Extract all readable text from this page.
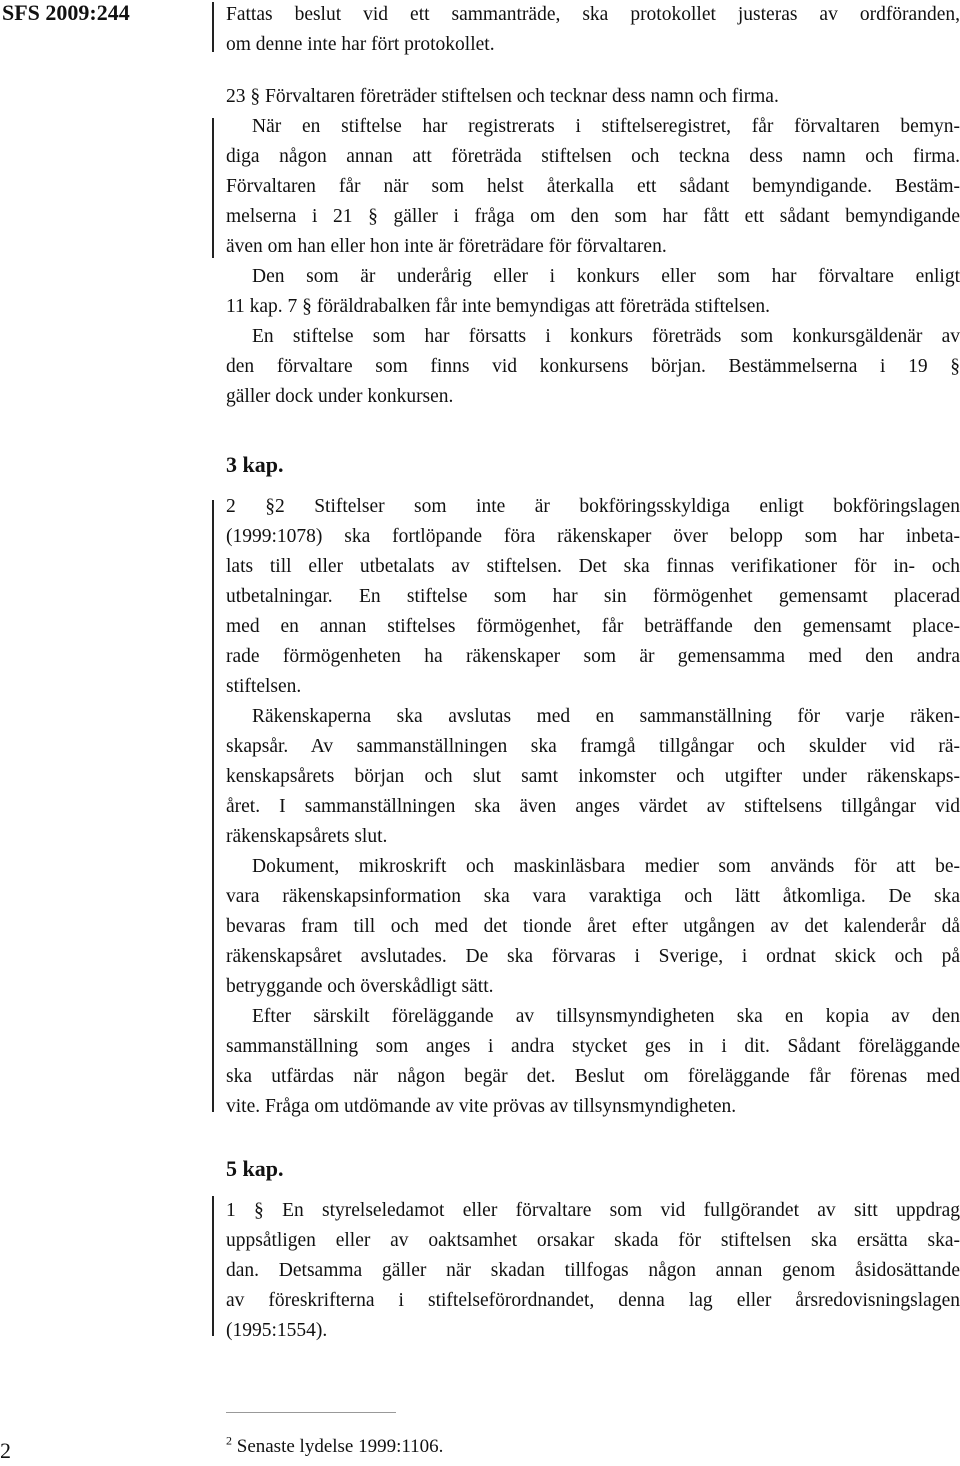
SFS 2009:244	Fattas beslut vid ett sammanträde, ska protokollet justeras av ordföranden,
om denne inte har fört protokollet.
23 § Förvaltaren företräder stiftelsen och tecknar dess namn och firma.
När en stiftelse har registrerats i stiftelseregistret, får förvaltaren bemyn-
diga någon annan att företräda stiftelsen och teckna dess namn och firma.
Förvaltaren får när som helst återkalla ett sådant bemyndigande. Bestäm-
melserna i 21 § gäller i fråga om den som har fått ett sådant bemyndigande
även om han eller hon inte är företrädare för förvaltaren.
Den som är underårig eller i konkurs eller som har förvaltare enligt
11 kap. 7 § föräldrabalken får inte bemyndigas att företräda stiftelsen.
En stiftelse som har försatts i konkurs företräds som konkursgäldenär av
den förvaltare som finns vid konkursens början. Bestämmelserna i 19 §
gäller dock under konkursen.
3 kap.
2 §2 Stiftelser som inte är bokföringsskyldiga enligt bokföringslagen
(1999:1078) ska fortlöpande föra räkenskaper över belopp som har inbeta-
lats till eller utbetalats av stiftelsen. Det ska finnas verifikationer för in- och
utbetalningar. En stiftelse som har sin förmögenhet gemensamt placerad
med en annan stiftelses förmögenhet, får beträffande den gemensamt place-
rade förmögenheten ha räkenskaper som är gemensamma med den andra
stiftelsen.
Räkenskaperna ska avslutas med en sammanställning för varje räken-
skapsår. Av sammanställningen ska framgå tillgångar och skulder vid rä-
kenskapsårets början och slut samt inkomster och utgifter under räkenskaps-
året. I sammanställningen ska även anges värdet av stiftelsens tillgångar vid
räkenskapsårets slut.
Dokument, mikroskrift och maskinläsbara medier som används för att be-
vara räkenskapsinformation ska vara varaktiga och lätt åtkomliga. De ska
bevaras fram till och med det tionde året efter utgången av det kalenderår då
räkenskapsåret avslutades. De ska förvaras i Sverige, i ordnat skick och på
betryggande och överskådligt sätt.
Efter särskilt föreläggande av tillsynsmyndigheten ska en kopia av den
sammanställning som anges i andra stycket ges in i dit. Sådant föreläggande
ska utfärdas när någon begär det. Beslut om föreläggande får förenas med
vite. Fråga om utdömande av vite prövas av tillsynsmyndigheten.
5 kap.
1 § En styrelseledamot eller förvaltare som vid fullgörandet av sitt uppdrag
uppsåtligen eller av oaktsamhet orsakar skada för stiftelsen ska ersätta ska-
dan. Detsamma gäller när skadan tillfogas någon annan genom åsidosättande
av föreskrifterna i stiftelseförordnandet, denna lag eller årsredovisningslagen
(1995:1554).
2	$^2$ Senaste lydelse 1999:1106.
